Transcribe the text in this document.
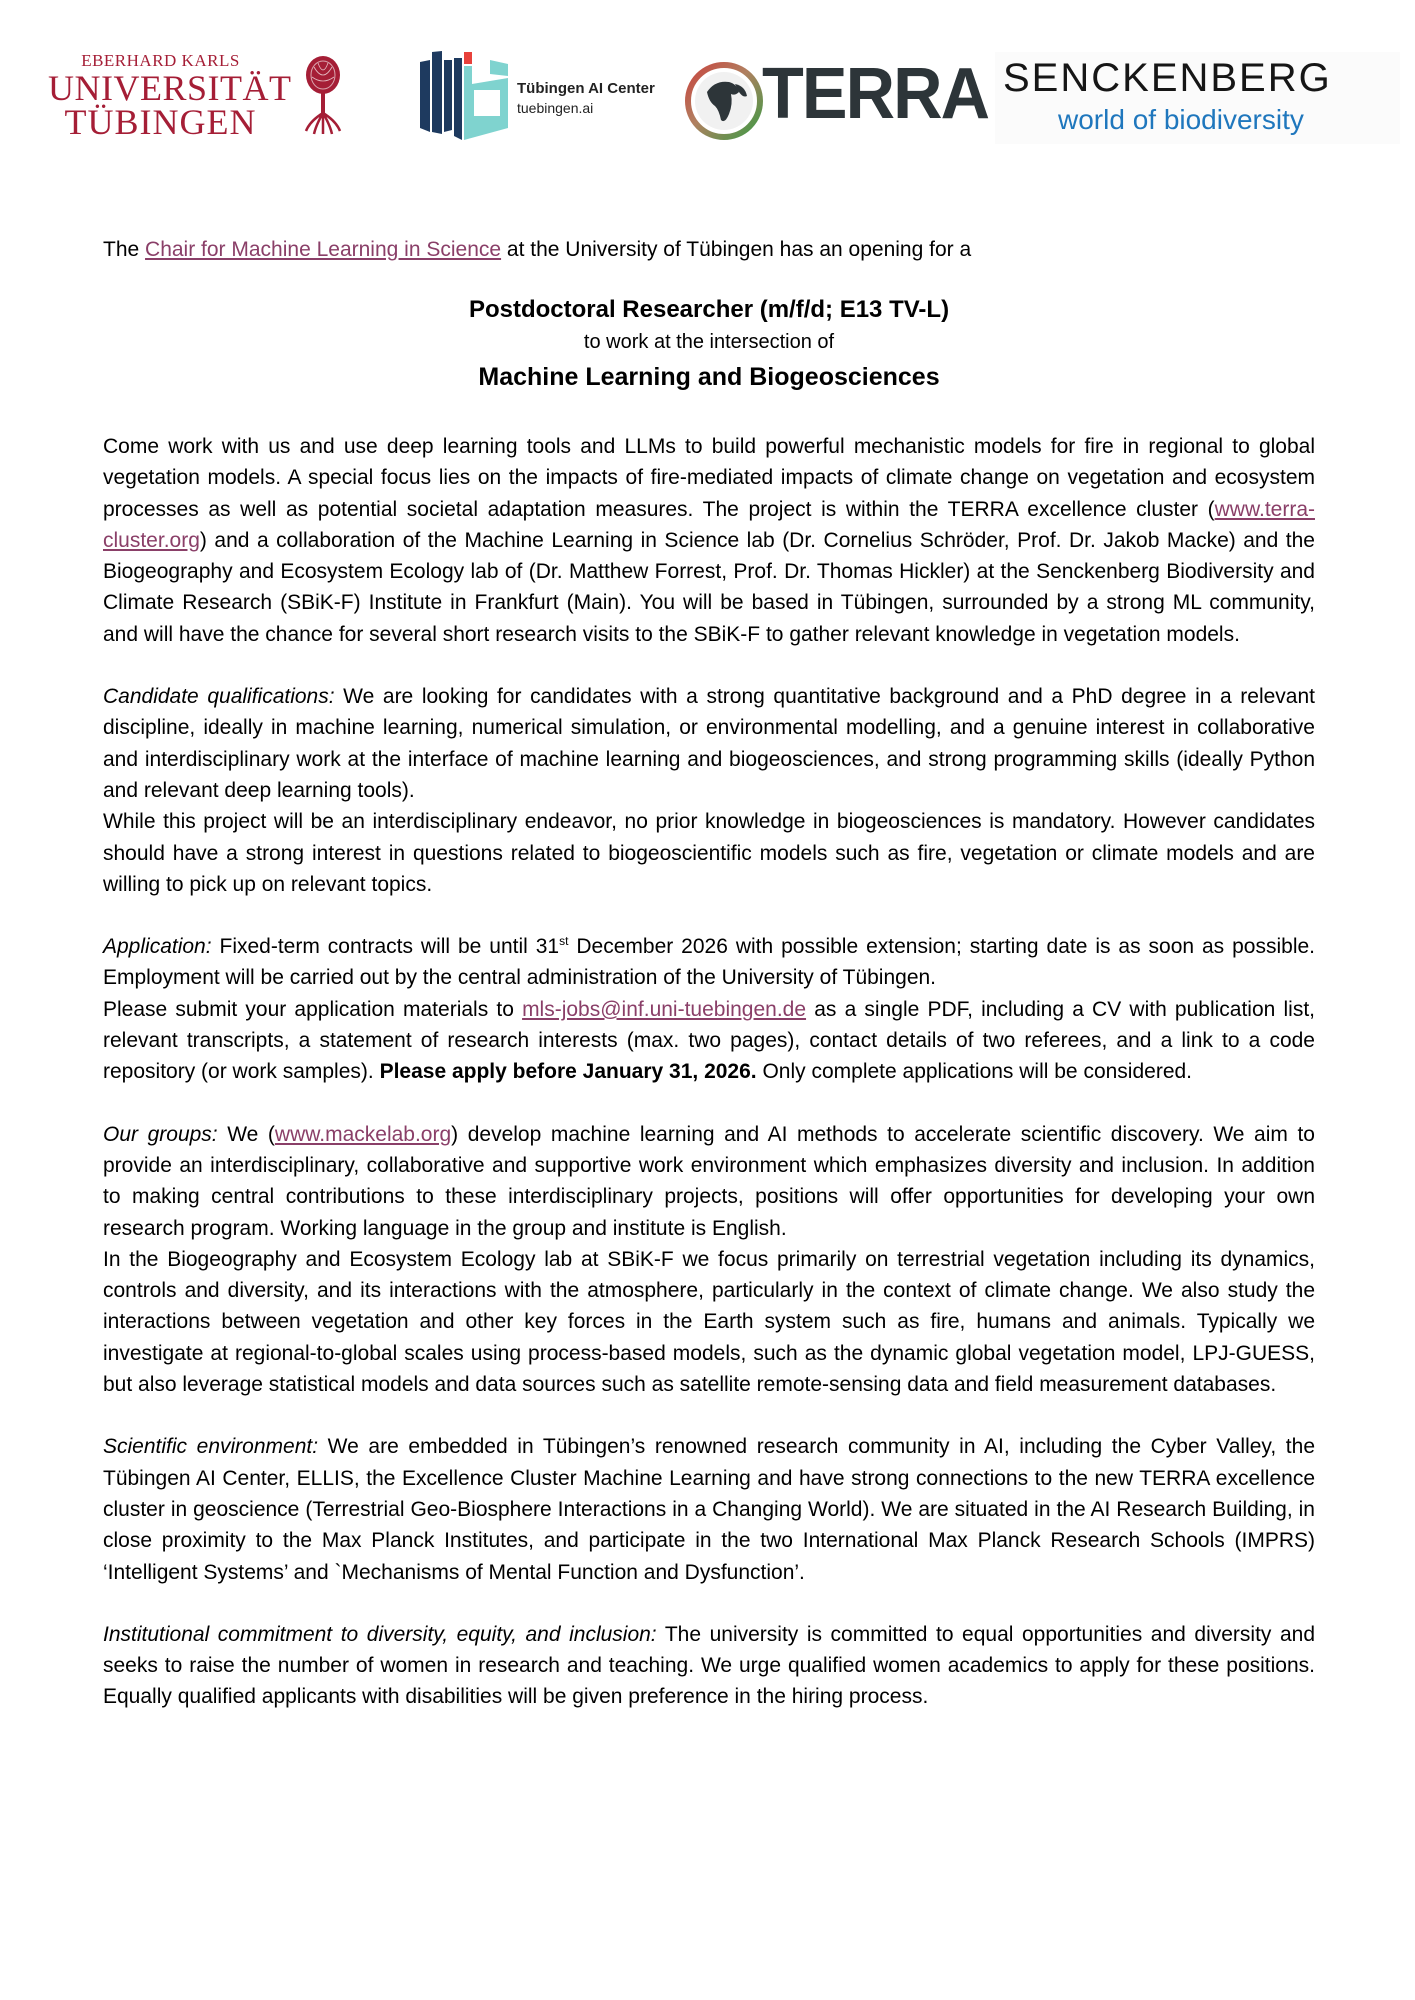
EBERHARD KARLS
UNIVERSITÄT
TÜBINGEN
Tübingen AI Center
tuebingen.ai	TERRA SENCKENBERG
world of biodiversity

The Chair for Machine Learning in Science at the University of Tübingen has an opening for a

Postdoctoral Researcher (m/f/d; E13 TV-L)
to work at the intersection of
Machine Learning and Biogeosciences

Come work with us and use deep learning tools and LLMs to build powerful mechanistic models for fire in regional to global vegetation models. A special focus lies on the impacts of fire-mediated impacts of climate change on vegetation and ecosystem processes as well as potential societal adaptation measures. The project is within the TERRA excellence cluster (www.terra-cluster.org) and a collaboration of the Machine Learning in Science lab (Dr. Cornelius Schröder, Prof. Dr. Jakob Macke) and the Biogeography and Ecosystem Ecology lab of (Dr. Matthew Forrest, Prof. Dr. Thomas Hickler) at the Senckenberg Biodiversity and Climate Research (SBiK-F) Institute in Frankfurt (Main). You will be based in Tübingen, surrounded by a strong ML community, and will have the chance for several short research visits to the SBiK-F to gather relevant knowledge in vegetation models.

Candidate qualifications: We are looking for candidates with a strong quantitative background and a PhD degree in a relevant discipline, ideally in machine learning, numerical simulation, or environmental modelling, and a genuine interest in collaborative and interdisciplinary work at the interface of machine learning and biogeosciences, and strong programming skills (ideally Python and relevant deep learning tools).

While this project will be an interdisciplinary endeavor, no prior knowledge in biogeosciences is mandatory. However candidates should have a strong interest in questions related to biogeoscientific models such as fire, vegetation or climate models and are willing to pick up on relevant topics.

Application: Fixed-term contracts will be until 31st December 2026 with possible extension; starting date is as soon as possible. Employment will be carried out by the central administration of the University of Tübingen.

Please submit your application materials to mls-jobs@inf.uni-tuebingen.de as a single PDF, including a CV with publication list, relevant transcripts, a statement of research interests (max. two pages), contact details of two referees, and a link to a code repository (or work samples). Please apply before January 31, 2026. Only complete applications will be considered.

Our groups: We (www.mackelab.org) develop machine learning and AI methods to accelerate scientific discovery. We aim to provide an interdisciplinary, collaborative and supportive work environment which emphasizes diversity and inclusion. In addition to making central contributions to these interdisciplinary projects, positions will offer opportunities for developing your own research program. Working language in the group and institute is English.

In the Biogeography and Ecosystem Ecology lab at SBiK-F we focus primarily on terrestrial vegetation including its dynamics, controls and diversity, and its interactions with the atmosphere, particularly in the context of climate change. We also study the interactions between vegetation and other key forces in the Earth system such as fire, humans and animals. Typically we investigate at regional-to-global scales using process-based models, such as the dynamic global vegetation model, LPJ-GUESS, but also leverage statistical models and data sources such as satellite remote-sensing data and field measurement databases.

Scientific environment: We are embedded in Tübingen’s renowned research community in AI, including the Cyber Valley, the Tübingen AI Center, ELLIS, the Excellence Cluster Machine Learning and have strong connections to the new TERRA excellence cluster in geoscience (Terrestrial Geo-Biosphere Interactions in a Changing World). We are situated in the AI Research Building, in close proximity to the Max Planck Institutes, and participate in the two International Max Planck Research Schools (IMPRS) ‘Intelligent Systems’ and `Mechanisms of Mental Function and Dysfunction’.

Institutional commitment to diversity, equity, and inclusion: The university is committed to equal opportunities and diversity and seeks to raise the number of women in research and teaching. We urge qualified women academics to apply for these positions. Equally qualified applicants with disabilities will be given preference in the hiring process.
